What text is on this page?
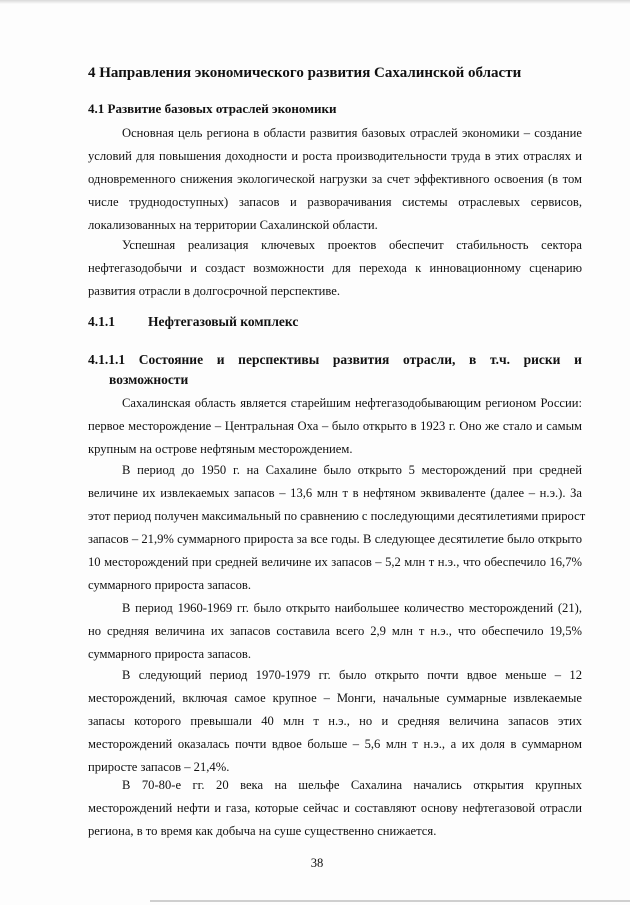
4 Направления экономического развития Сахалинской области
4.1 Развитие базовых отраслей экономики
Основная цель региона в области развития базовых отраслей экономики – создание
условий для повышения доходности и роста производительности труда в этих отраслях и
одновременного снижения экологической нагрузки за счет эффективного освоения (в том
числе труднодоступных) запасов и разворачивания системы отраслевых сервисов,
локализованных на территории Сахалинской области.
Успешная реализация ключевых проектов обеспечит стабильность сектора
нефтегазодобычи и создаст возможности для перехода к инновационному сценарию
развития отрасли в долгосрочной перспективе.
4.1.1 Нефтегазовый комплекс
4.1.1.1 Состояние и перспективы развития отрасли, в т.ч. риски и
возможности
Сахалинская область является старейшим нефтегазодобывающим регионом России:
первое месторождение – Центральная Оха – было открыто в 1923 г. Оно же стало и самым
крупным на острове нефтяным месторождением.
В период до 1950 г. на Сахалине было открыто 5 месторождений при средней
величине их извлекаемых запасов – 13,6 млн т в нефтяном эквиваленте (далее – н.э.). За
этот период получен максимальный по сравнению с последующими десятилетиями прирост
запасов – 21,9% суммарного прироста за все годы. В следующее десятилетие было открыто
10 месторождений при средней величине их запасов – 5,2 млн т н.э., что обеспечило 16,7%
суммарного прироста запасов.
В период 1960-1969 гг. было открыто наибольшее количество месторождений (21),
но средняя величина их запасов составила всего 2,9 млн т н.э., что обеспечило 19,5%
суммарного прироста запасов.
В следующий период 1970-1979 гг. было открыто почти вдвое меньше – 12
месторождений, включая самое крупное – Монги, начальные суммарные извлекаемые
запасы которого превышали 40 млн т н.э., но и средняя величина запасов этих
месторождений оказалась почти вдвое больше – 5,6 млн т н.э., а их доля в суммарном
приросте запасов – 21,4%.
В 70-80-е гг. 20 века на шельфе Сахалина начались открытия крупных
месторождений нефти и газа, которые сейчас и составляют основу нефтегазовой отрасли
региона, в то время как добыча на суше существенно снижается.
38
